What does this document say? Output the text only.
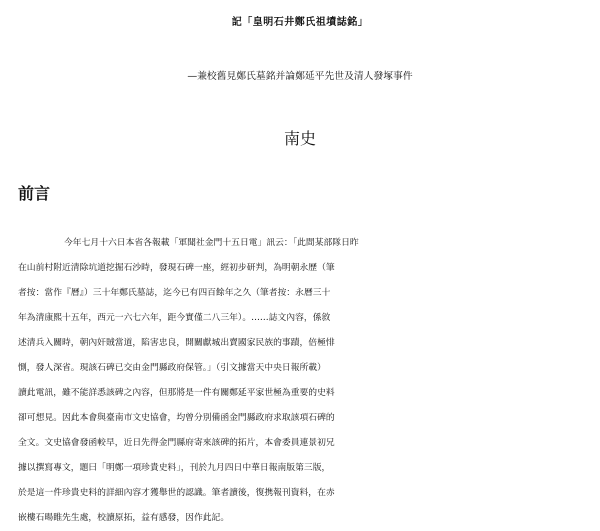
記「皇明石井鄭氏祖墳誌銘」
—兼校舊見鄭氏墓銘并論鄭延平先世及清人發塚事件
南史
前言
今年七月十六日本省各報載「軍聞社金門十五日電」訊云：「此間某部隊日昨
在山前村附近清除坑道挖掘石沙時，發現石碑一座，經初步研判，為明朝永歷（筆
者按：當作『曆』）三十年鄭氏墓誌，迄今已有四百餘年之久（筆者按：永曆三十
年為清康熙十五年，西元一六七六年，距今實僅二八三年）。……誌文內容，係敘
述清兵入關時，朝內奸賊當道，陷害忠良，開關獻城出賣國家民族的事蹟，倍極悱
惻，發人深省。現該石碑已交由金門縣政府保管。」（引文據當天中央日報所載）
讀此電訊，雖不能詳悉該碑之內容，但那將是一件有關鄭延平家世極為重要的史料
卻可想見。因此本會與臺南市文史協會，均曾分別備函金門縣政府求取該項石碑的
全文。文史協會發函較早，近日先得金門縣府寄來該碑的拓片，本會委員連景初兄
據以撰寫專文，題曰「明鄭一項珍貴史料」，刊於九月四日中華日報南版第三版，
於是這一件珍貴史料的詳細內容才獲舉世的認識。筆者讀後，復携報刊資料，在赤
嵌樓石暘睢先生處，校讀原拓，益有感發，因作此記。
